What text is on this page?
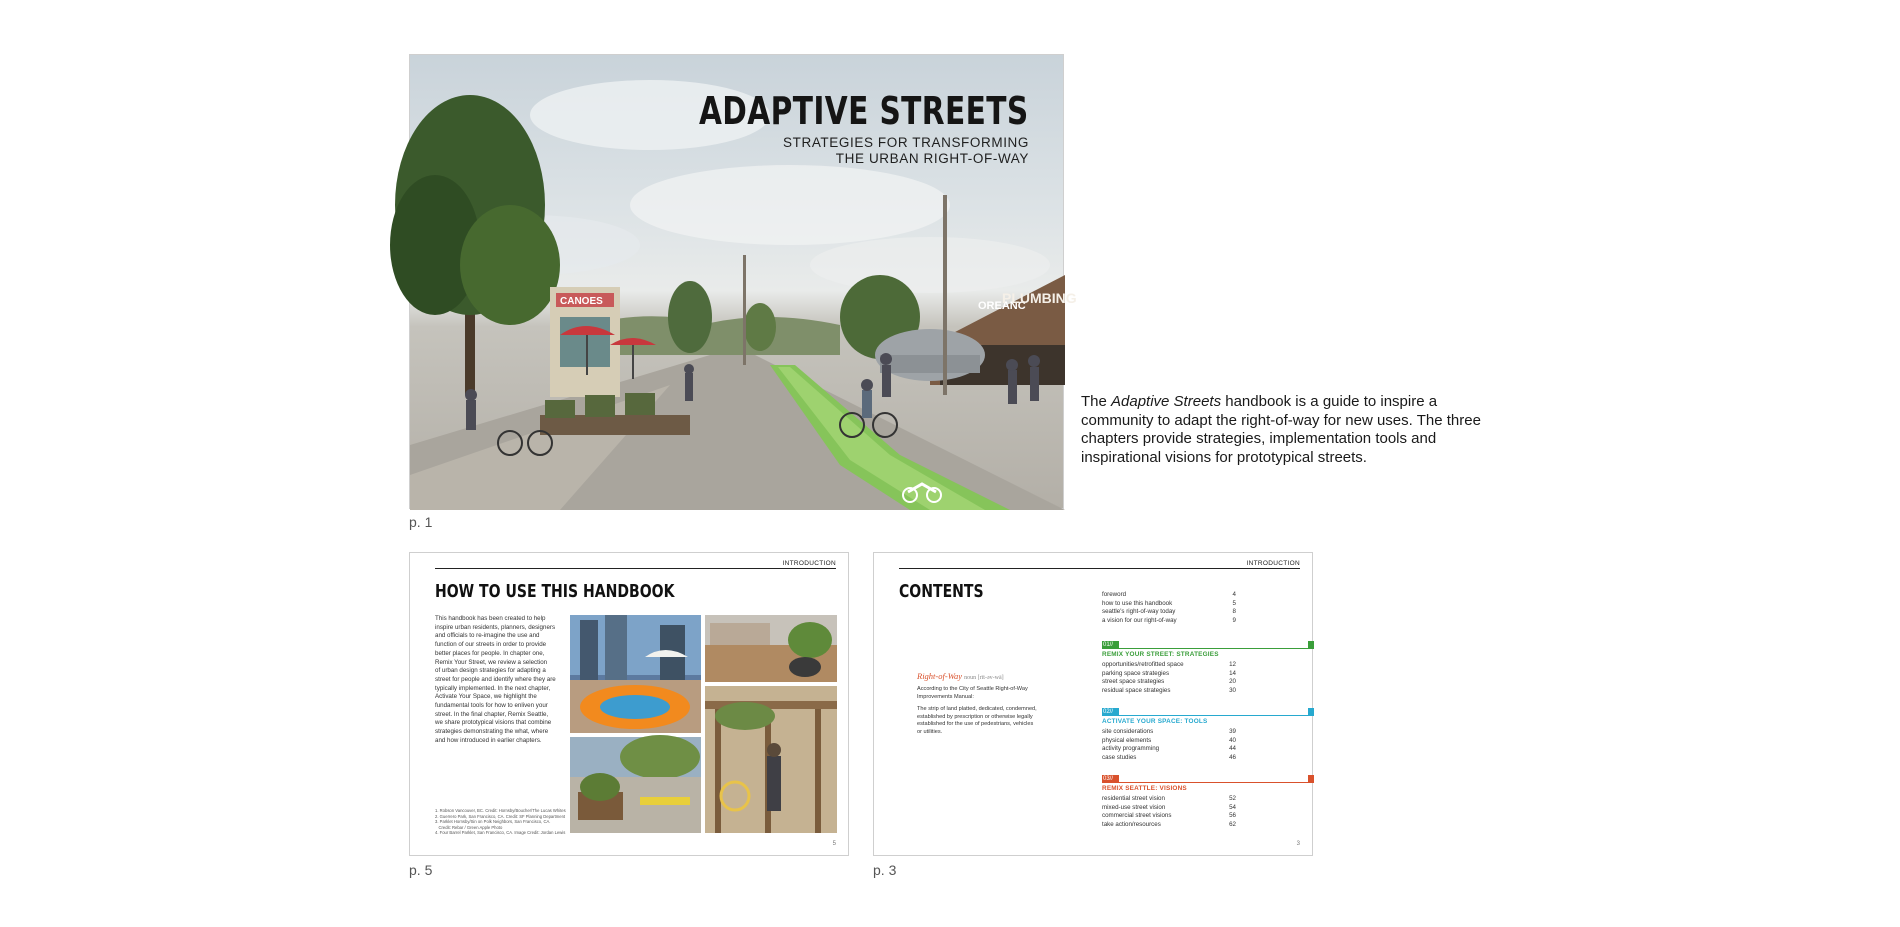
CANOES	OREANC
PLUMBING
ADAPTIVE STREETS
STRATEGIES FOR TRANSFORMING
THE URBAN RIGHT-OF-WAY
p. 1
The Adaptive Streets handbook is a guide to inspire a community to adapt the right-of-way for new uses. The three chapters provide strategies, implementation tools and inspirational visions for prototypical streets.
INTRODUCTION
HOW TO USE THIS HANDBOOK
This handbook has been created to help
inspire urban residents, planners, designers
and officials to re-imagine the use and
function of our streets in order to provide
better places for people. In chapter one,
Remix Your Street, we review a selection
of urban design strategies for adapting a
street for people and identify where they are
typically implemented. In the next chapter,
Activate Your Space, we highlight the
fundamental tools for how to enliven your
street. In the final chapter, Remix Seattle,
we share prototypical visions that combine
strategies demonstrating the what, where
and how introduced in earlier chapters.
1. Robson Vancouver, BC. Credit: Hornsby/Boucher/The Lucas Whites
2. Guerrero Park, San Francisco, CA. Credit: SF Planning Department
3. Parklet Hornsby/Sin on Polk Neighbors, San Francisco, CA.
Credit: Rebar / Green Apple Photo
4. Four Barrel Parklet, San Francisco, CA. Image Credit: Jordan Lewis
5
p. 5
INTRODUCTION
CONTENTS
Right-of-Way noun [rīt-əv-wā]
According to the City of Seattle Right-of-Way
Improvements Manual:
The strip of land platted, dedicated, condemned,
established by prescription or otherwise legally
established for the use of pedestrians, vehicles
or utilities.
foreword	4
how to use this handbook	5
seattle's right-of-way today	8
a vision for our right-of-way	9
01//
REMIX YOUR STREET: STRATEGIES
opportunities/retrofitted space	12
parking space strategies	14
street space strategies	20
residual space strategies	30
02//
ACTIVATE YOUR SPACE: TOOLS
site considerations	39
physical elements	40
activity programming	44
case studies	46
03//
REMIX SEATTLE: VISIONS
residential street vision	52
mixed-use street vision	54
commercial street visions	56
take action/resources	62
3
p. 3
